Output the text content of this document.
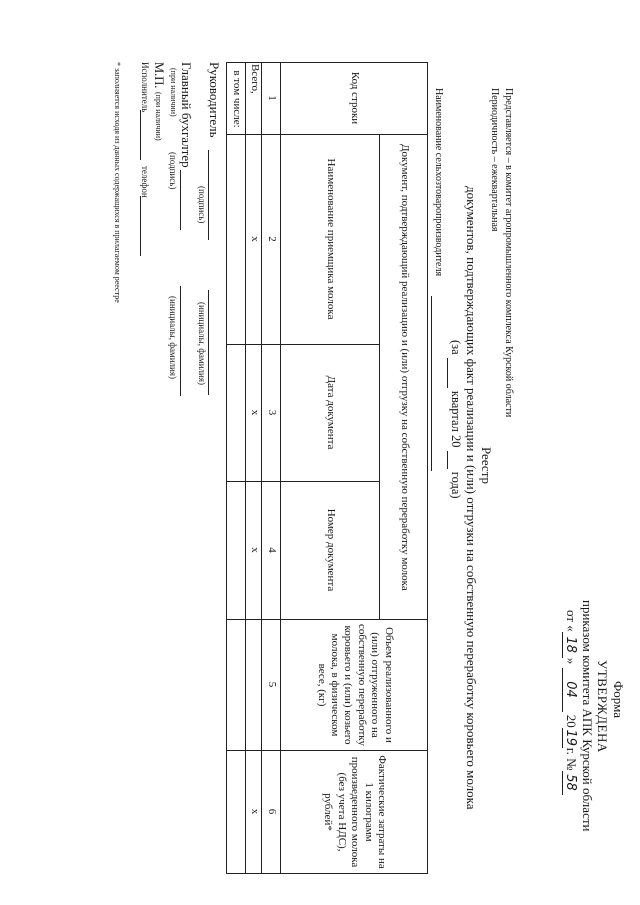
Форма
УТВЕРЖДЕНА
приказом комитета АПК Курской области
от «18» 04 2019г. №58
Представляется – в комитет агропромышленного комплекса Курской области
Периодичность – ежеквартальная
Реестр
документов, подтверждающих факт реализации и (или) отгрузки на собственную переработку коровьего молока
(за   квартал 20   года)
Наименование сельхозтоваропроизводителя
Код строки
Документ, подтверждающий реализацию и (или) отгрузку на собственную переработку молока
Наименование приемщика молока
Дата документа
Номер документа
Объем реализованного и (или) отгруженного на собственную переработку коровьего и (или) козьего молока, в физическом весе, (кг)
Фактические затраты на 1 килограмм произведенного молока (без учета НДС), рублей*
1
2
3
4
5
6
Всего,
х
х
х
х
в том числе:
Руководитель
(подпись)
(инициалы, фамилия)
Главный бухгалтер
(при наличии)
(подпись)
(инициалы, фамилия)
М.П.
(при наличии)
Исполнитель
телефон
* заполняется исходя из данных содержащихся в прилагаемом реестре
